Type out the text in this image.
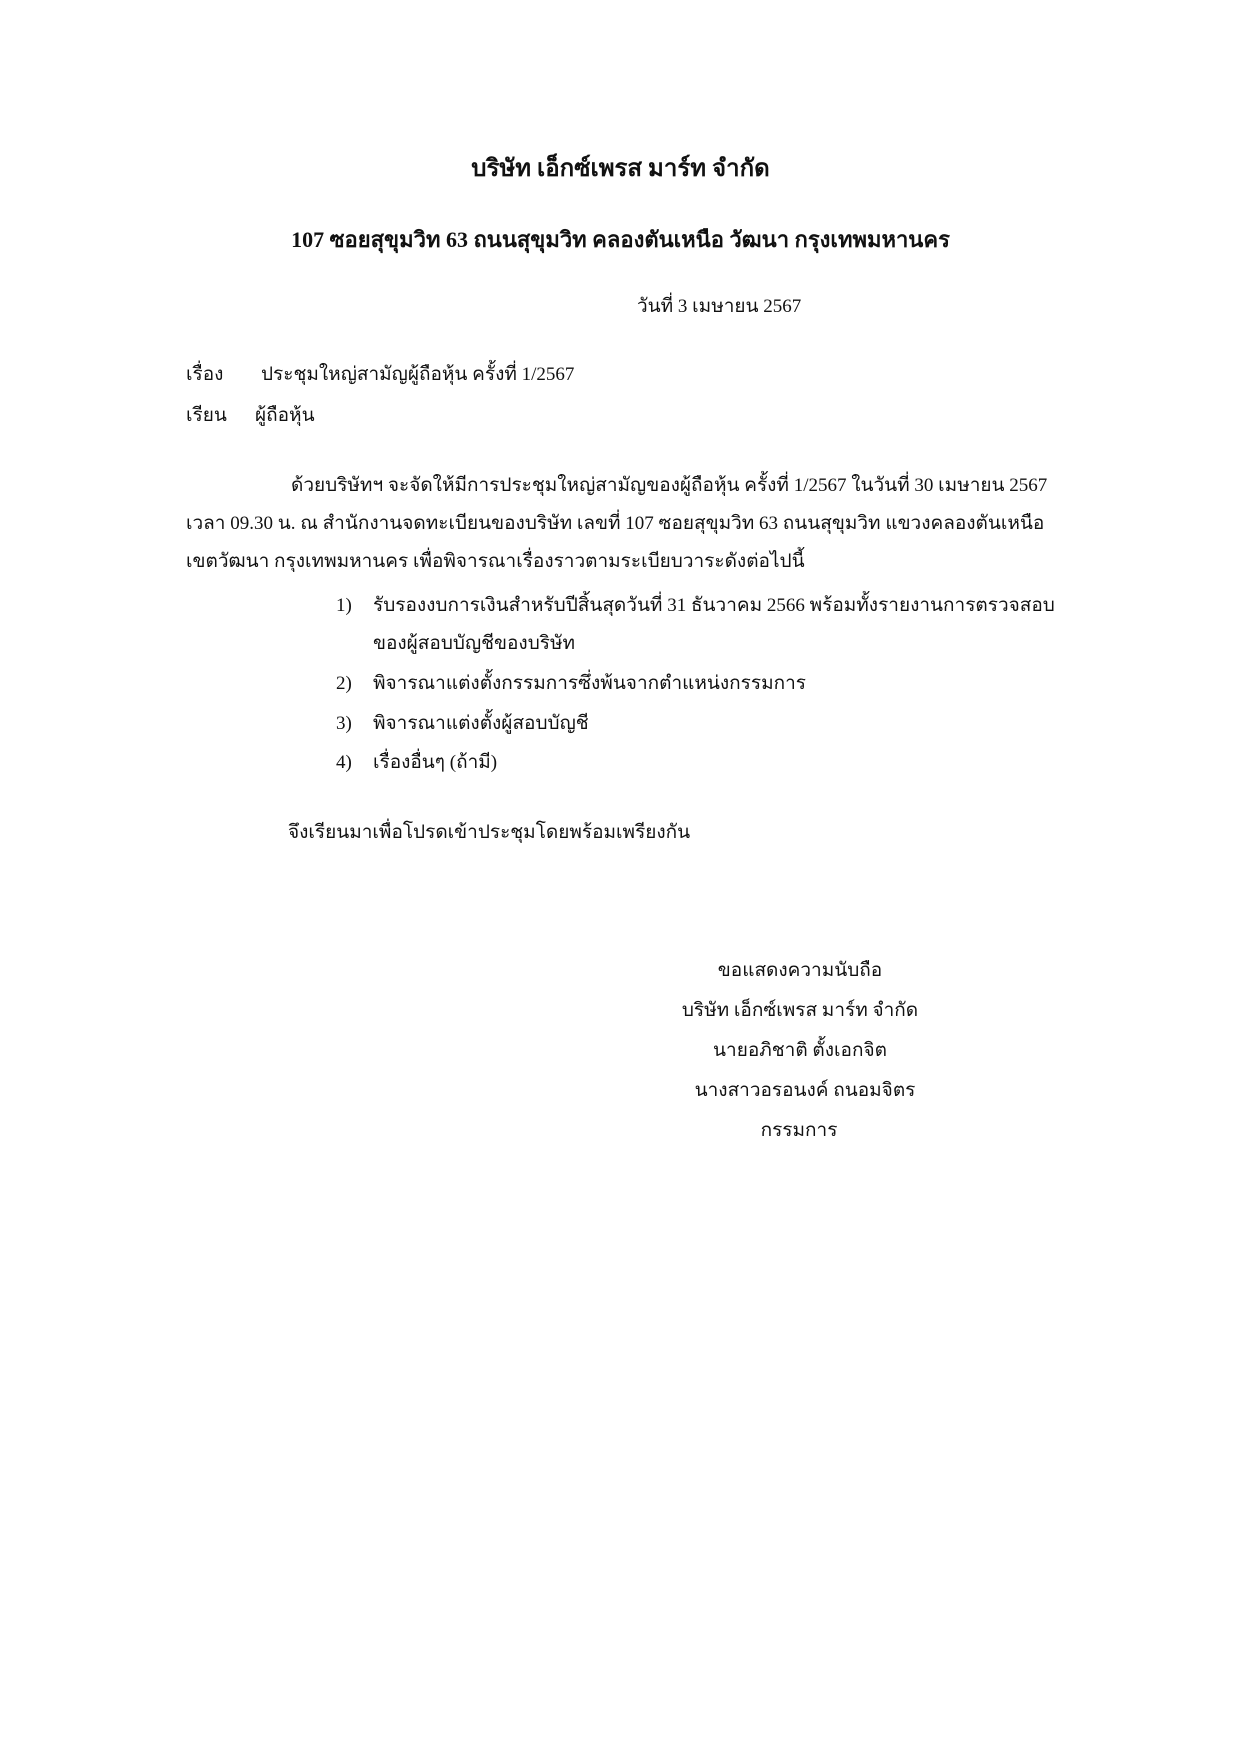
บริษัท เอ็กซ์เพรส มาร์ท จำกัด
107 ซอยสุขุมวิท 63 ถนนสุขุมวิท คลองตันเหนือ วัฒนา กรุงเทพมหานคร
วันที่ 3 เมษายน 2567
เรื่อง ประชุมใหญ่สามัญผู้ถือหุ้น ครั้งที่ 1/2567
เรียน ผู้ถือหุ้น
ด้วยบริษัทฯ จะจัดให้มีการประชุมใหญ่สามัญของผู้ถือหุ้น ครั้งที่ 1/2567 ในวันที่ 30 เมษายน 2567
เวลา 09.30 น. ณ สำนักงานจดทะเบียนของบริษัท เลขที่ 107 ซอยสุขุมวิท 63 ถนนสุขุมวิท แขวงคลองตันเหนือ
เขตวัฒนา กรุงเทพมหานคร เพื่อพิจารณาเรื่องราวตามระเบียบวาระดังต่อไปนี้
1) รับรองงบการเงินสำหรับปีสิ้นสุดวันที่ 31 ธันวาคม 2566 พร้อมทั้งรายงานการตรวจสอบ
ของผู้สอบบัญชีของบริษัท
2) พิจารณาแต่งตั้งกรรมการซึ่งพ้นจากตำแหน่งกรรมการ
3) พิจารณาแต่งตั้งผู้สอบบัญชี
4) เรื่องอื่นๆ (ถ้ามี)
จึงเรียนมาเพื่อโปรดเข้าประชุมโดยพร้อมเพรียงกัน
ขอแสดงความนับถือ
บริษัท เอ็กซ์เพรส มาร์ท จำกัด
นายอภิชาติ ตั้งเอกจิต
นางสาวอรอนงค์ ถนอมจิตร
กรรมการ
